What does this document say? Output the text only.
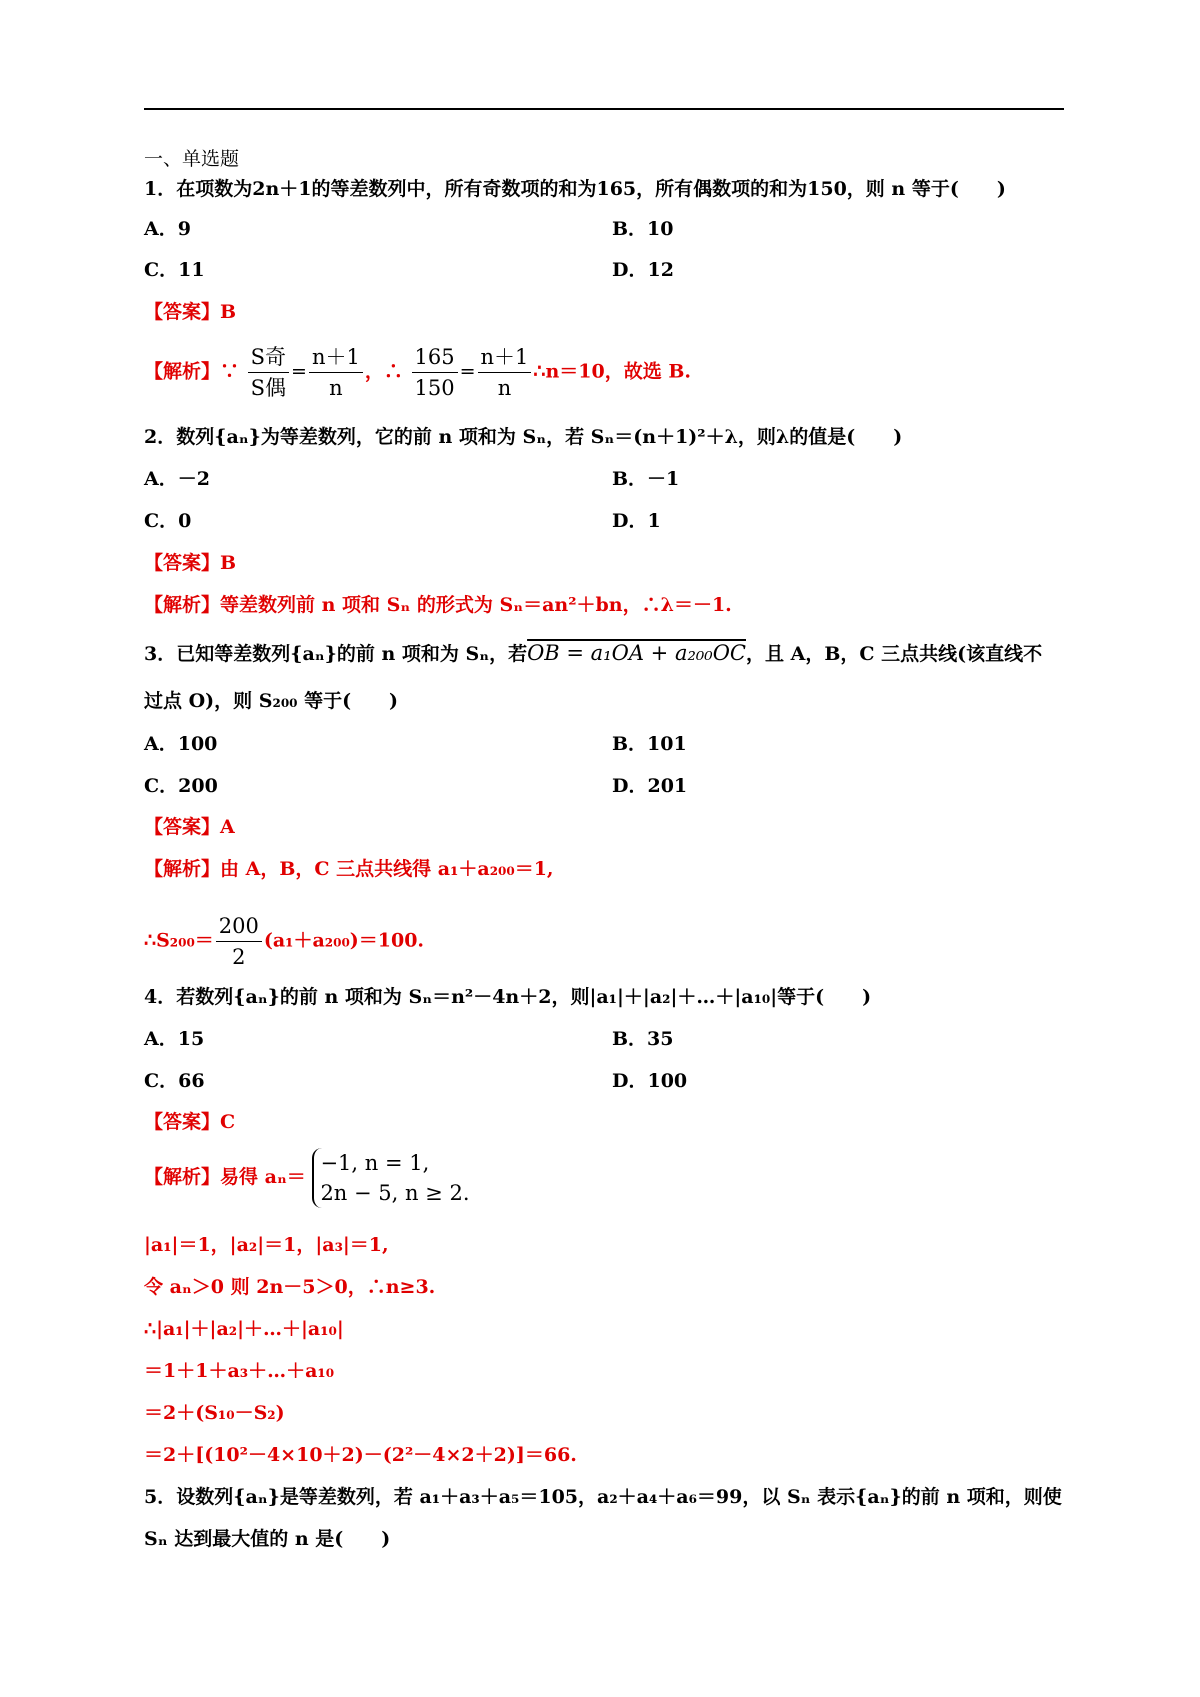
一、单选题
1．在项数为2n＋1的等差数列中，所有奇数项的和为165，所有偶数项的和为150，则 n 等于(　　)
A．9	B．10
C．11	D．12
【答案】B
【解析】∵ $\frac{\text{S奇}}{\text{S偶}} = \frac{n+1}{n}$ ，∴ $\frac{165}{150} = \frac{n+1}{n}$ ∴n＝10，故选 B.
2．数列{aₙ}为等差数列，它的前 n 项和为 Sₙ，若 Sₙ＝(n＋1)²＋λ，则λ的值是(　　)
A．－2	B．－1
C．0	D．1
【答案】B
【解析】等差数列前 n 项和 Sₙ 的形式为 Sₙ＝an²＋bn，∴λ＝－1.
3．已知等差数列{aₙ}的前 n 项和为 Sₙ，若OB = a₁OA + a₂₀₀OC，且 A，B，C 三点共线(该直线不
过点 O)，则 S₂₀₀ 等于(　　)
A．100	B．101
C．200	D．201
【答案】A
【解析】由 A，B，C 三点共线得 a₁＋a₂₀₀＝1,
∴S₂₀₀＝ $\frac{200}{2} (a_1+a_{200})=100$.
4．若数列{aₙ}的前 n 项和为 Sₙ＝n²－4n＋2，则|a₁|＋|a₂|＋…＋|a₁₀|等于(　　)
A．15	B．35
C．66	D．100
【答案】C
【解析】易得 aₙ＝
−1, n = 1,
2n − 5, n ≥ 2.
|a₁|＝1，|a₂|＝1，|a₃|＝1,
令 aₙ＞0 则 2n－5＞0，∴n≥3.
∴|a₁|＋|a₂|＋…＋|a₁₀|
＝1＋1＋a₃＋…＋a₁₀
＝2＋(S₁₀－S₂)
＝2＋[(10²－4×10＋2)－(2²－4×2＋2)]＝66.
5．设数列{aₙ}是等差数列，若 a₁＋a₃＋a₅＝105，a₂＋a₄＋a₆＝99，以 Sₙ 表示{aₙ}的前 n 项和，则使
Sₙ 达到最大值的 n 是(　　)
